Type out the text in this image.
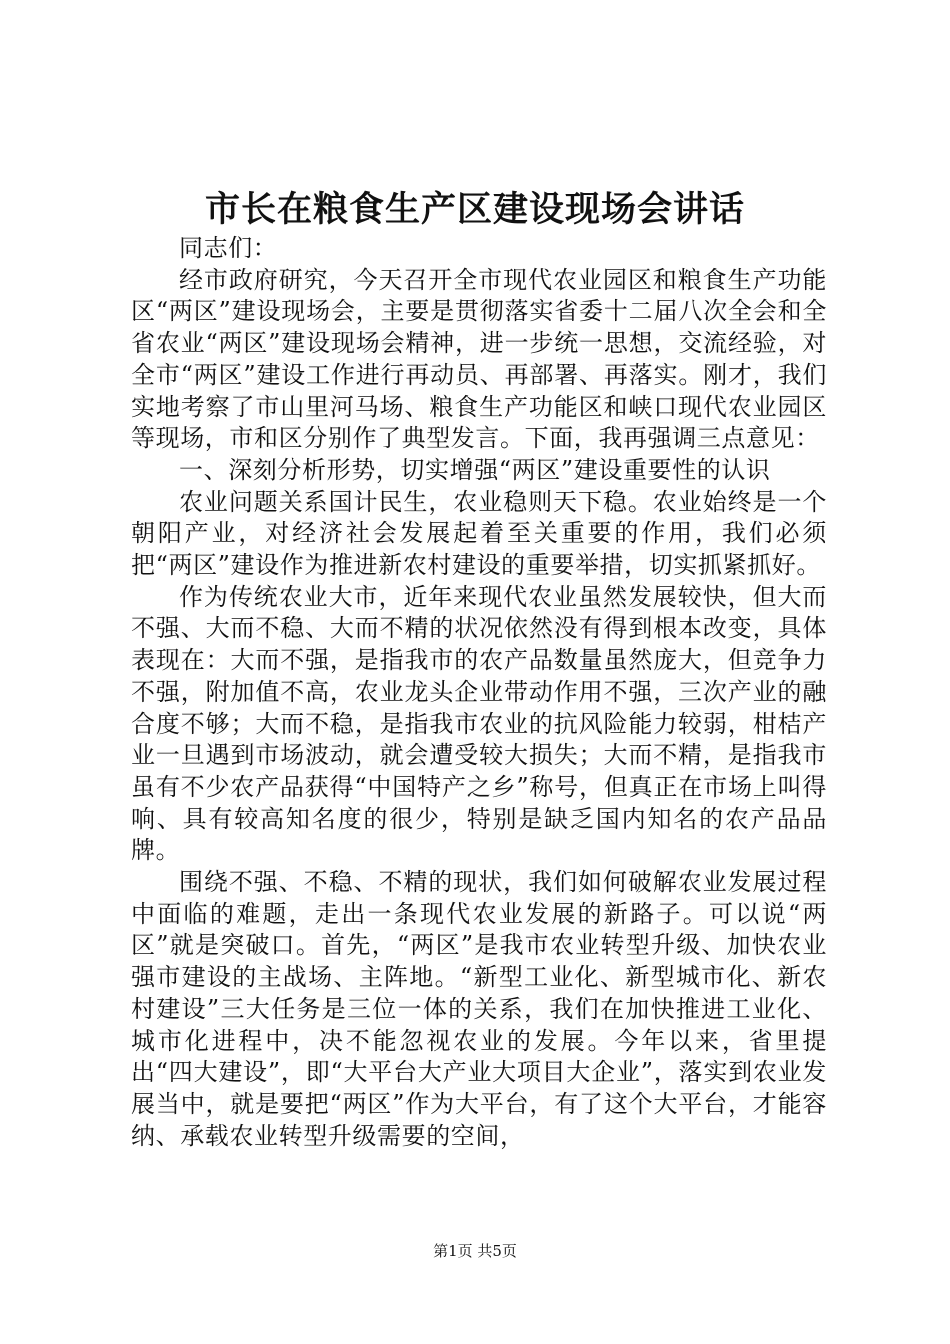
市长在粮食生产区建设现场会讲话

同志们：

经市政府研究，今天召开全市现代农业园区和粮食生产功能区“两区”建设现场会，主要是贯彻落实省委十二届八次全会和全省农业“两区”建设现场会精神，进一步统一思想，交流经验，对全市“两区”建设工作进行再动员、再部署、再落实。刚才，我们实地考察了市山里河马场、粮食生产功能区和峡口现代农业园区等现场，市和区分别作了典型发言。下面，我再强调三点意见：

一、深刻分析形势，切实增强“两区”建设重要性的认识

农业问题关系国计民生，农业稳则天下稳。农业始终是一个朝阳产业，对经济社会发展起着至关重要的作用，我们必须把“两区”建设作为推进新农村建设的重要举措，切实抓紧抓好。

作为传统农业大市，近年来现代农业虽然发展较快，但大而不强、大而不稳、大而不精的状况依然没有得到根本改变，具体表现在：大而不强，是指我市的农产品数量虽然庞大，但竞争力不强，附加值不高，农业龙头企业带动作用不强，三次产业的融合度不够；大而不稳，是指我市农业的抗风险能力较弱，柑桔产业一旦遇到市场波动，就会遭受较大损失；大而不精，是指我市虽有不少农产品获得“中国特产之乡”称号，但真正在市场上叫得响、具有较高知名度的很少，特别是缺乏国内知名的农产品品牌。

围绕不强、不稳、不精的现状，我们如何破解农业发展过程中面临的难题，走出一条现代农业发展的新路子。可以说“两区”就是突破口。首先，“两区”是我市农业转型升级、加快农业强市建设的主战场、主阵地。“新型工业化、新型城市化、新农村建设”三大任务是三位一体的关系，我们在加快推进工业化、城市化进程中，决不能忽视农业的发展。今年以来，省里提出“四大建设”，即“大平台大产业大项目大企业”，落实到农业发展当中，就是要把“两区”作为大平台，有了这个大平台，才能容纳、承载农业转型升级需要的空间，

第1页 共5页
